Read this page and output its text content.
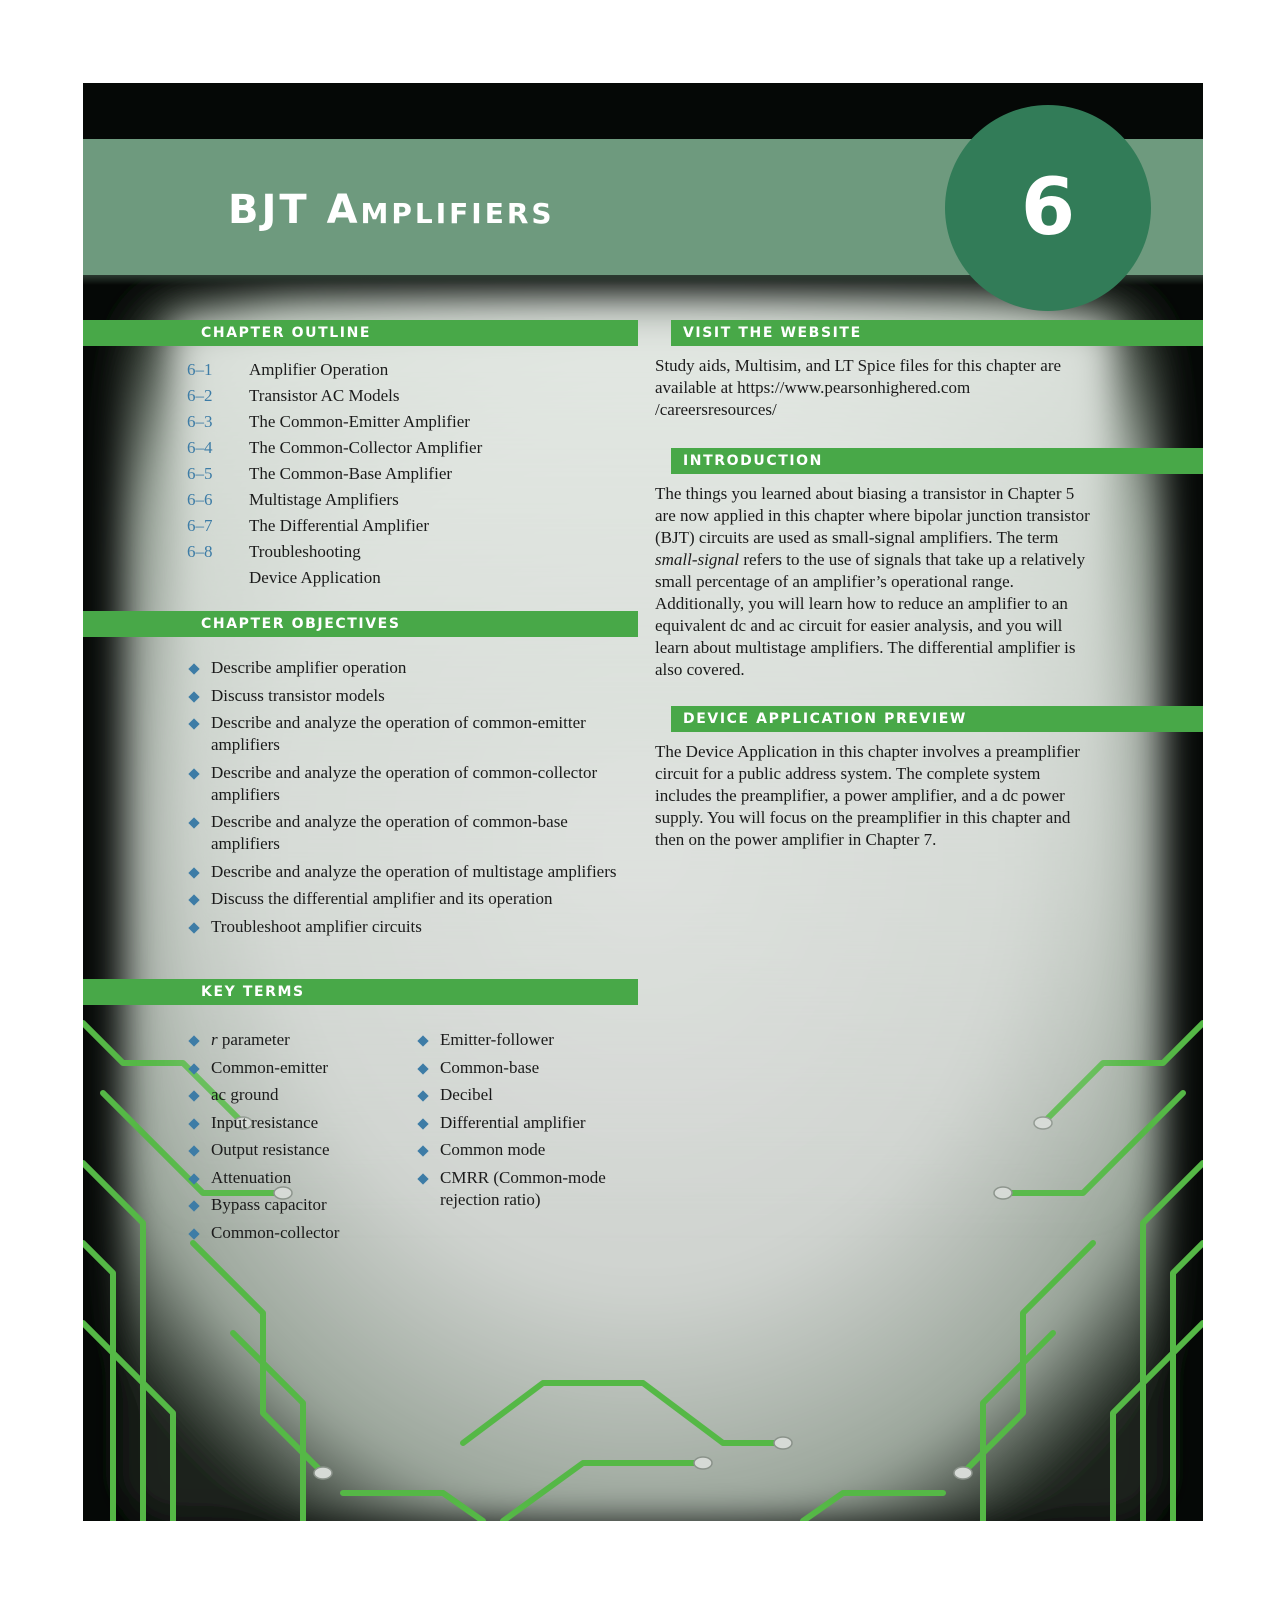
BJT Amplifiers	6
CHAPTER OUTLINE
6–1 Amplifier Operation
6–2 Transistor AC Models
6–3 The Common-Emitter Amplifier
6–4 The Common-Collector Amplifier
6–5 The Common-Base Amplifier
6–6 Multistage Amplifiers
6–7 The Differential Amplifier
6–8 Troubleshooting
Device Application
CHAPTER OBJECTIVES
Describe amplifier operation
Discuss transistor models
Describe and analyze the operation of common-emitter amplifiers
Describe and analyze the operation of common-collector amplifiers
Describe and analyze the operation of common-base amplifiers
Describe and analyze the operation of multistage amplifiers
Discuss the differential amplifier and its operation
Troubleshoot amplifier circuits
KEY TERMS
r parameter
Common-emitter
ac ground
Input resistance
Output resistance
Attenuation
Bypass capacitor
Common-collector
Emitter-follower
Common-base
Decibel
Differential amplifier
Common mode
CMRR (Common-mode rejection ratio)
VISIT THE WEBSITE

Study aids, Multisim, and LT Spice files for this chapter are
available at https://www.pearsonhighered.com
/careersresources/

INTRODUCTION

The things you learned about biasing a transistor in Chapter 5 are now applied in this chapter where bipolar junction transistor (BJT) circuits are used as small-signal amplifiers. The term small-signal refers to the use of signals that take up a relatively small percentage of an amplifier’s operational range. Additionally, you will learn how to reduce an amplifier to an equivalent dc and ac circuit for easier analysis, and you will learn about multistage amplifiers. The differential amplifier is also covered.

DEVICE APPLICATION PREVIEW

The Device Application in this chapter involves a preamplifier circuit for a public address system. The complete system includes the preamplifier, a power amplifier, and a dc power supply. You will focus on the preamplifier in this chapter and then on the power amplifier in Chapter 7.
